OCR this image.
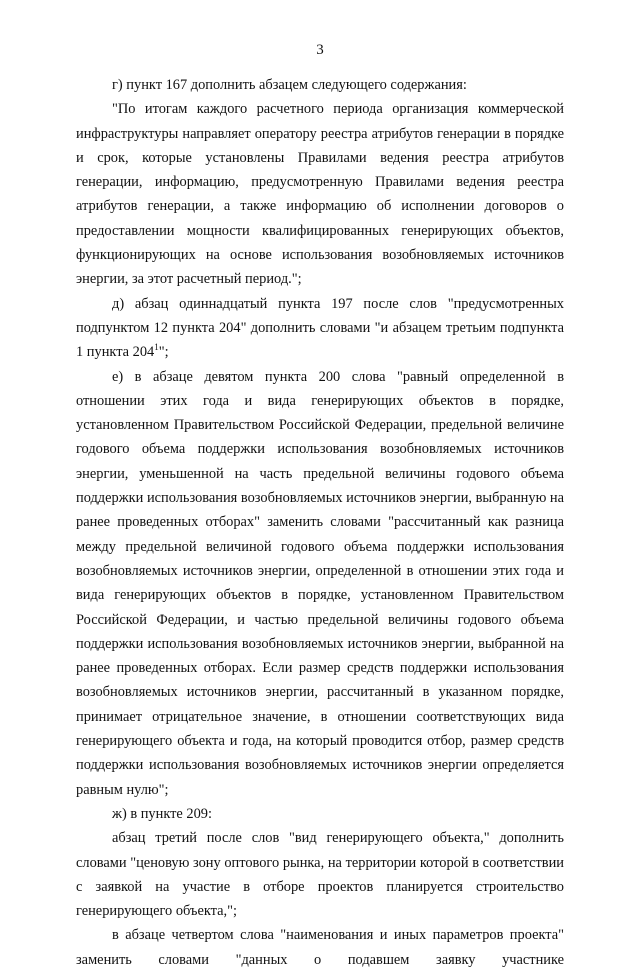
3

г) пункт 167 дополнить абзацем следующего содержания:

"По итогам каждого расчетного периода организация коммерческой инфраструктуры направляет оператору реестра атрибутов генерации в порядке и срок, которые установлены Правилами ведения реестра атрибутов генерации, информацию, предусмотренную Правилами ведения реестра атрибутов генерации, а также информацию об исполнении договоров о предоставлении мощности квалифицированных генерирующих объектов, функционирующих на основе использования возобновляемых источников энергии, за этот расчетный период.";

д) абзац одиннадцатый пункта 197 после слов "предусмотренных подпунктом 12 пункта 204" дополнить словами "и абзацем третьим подпункта 1 пункта $204^1$";

е) в абзаце девятом пункта 200 слова "равный определенной в отношении этих года и вида генерирующих объектов в порядке, установленном Правительством Российской Федерации, предельной величине годового объема поддержки использования возобновляемых источников энергии, уменьшенной на часть предельной величины годового объема поддержки использования возобновляемых источников энергии, выбранную на ранее проведенных отборах" заменить словами "рассчитанный как разница между предельной величиной годового объема поддержки использования возобновляемых источников энергии, определенной в отношении этих года и вида генерирующих объектов в порядке, установленном Правительством Российской Федерации, и частью предельной величины годового объема поддержки использования возобновляемых источников энергии, выбранной на ранее проведенных отборах. Если размер средств поддержки использования возобновляемых источников энергии, рассчитанный в указанном порядке, принимает отрицательное значение, в отношении соответствующих вида генерирующего объекта и года, на который проводится отбор, размер средств поддержки использования возобновляемых источников энергии определяется равным нулю";

ж) в пункте 209:

абзац третий после слов "вид генерирующего объекта," дополнить словами "ценовую зону оптового рынка, на территории которой в соответствии с заявкой на участие в отборе проектов планируется строительство генерирующего объекта,";

в абзаце четвертом слова "наименования и иных параметров проекта" заменить словами "данных о подавшем заявку участнике
